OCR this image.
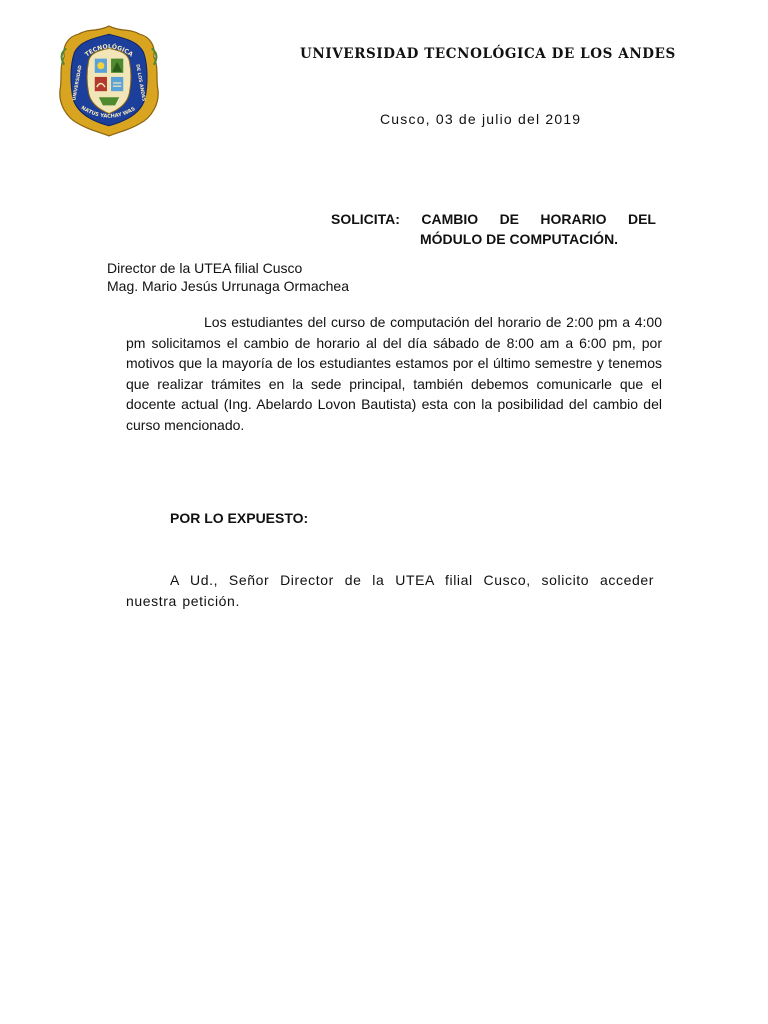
TECNOLÓGICA
NATUS YACHAY WAS
UNIVERSIDAD	DE LOS ANDES
UNIVERSIDAD TECNOLÓGICA DE LOS ANDES
Cusco, 03 de julio del 2019
SOLICITA: CAMBIO DE HORARIO DEL
MÓDULO DE COMPUTACIÓN.
Director de la UTEA filial Cusco
Mag. Mario Jesús Urrunaga Ormachea
Los estudiantes del curso de computación del horario de 2:00 pm a 4:00 pm solicitamos el cambio de horario al del día sábado de 8:00 am a 6:00 pm, por motivos que la mayoría de los estudiantes estamos por el último semestre y tenemos que realizar trámites en la sede principal, también debemos comunicarle que el docente actual (Ing. Abelardo Lovon Bautista) esta con la posibilidad del cambio del curso mencionado.
POR LO EXPUESTO:
A Ud., Señor Director de la UTEA filial Cusco, solicito acceder nuestra petición.
